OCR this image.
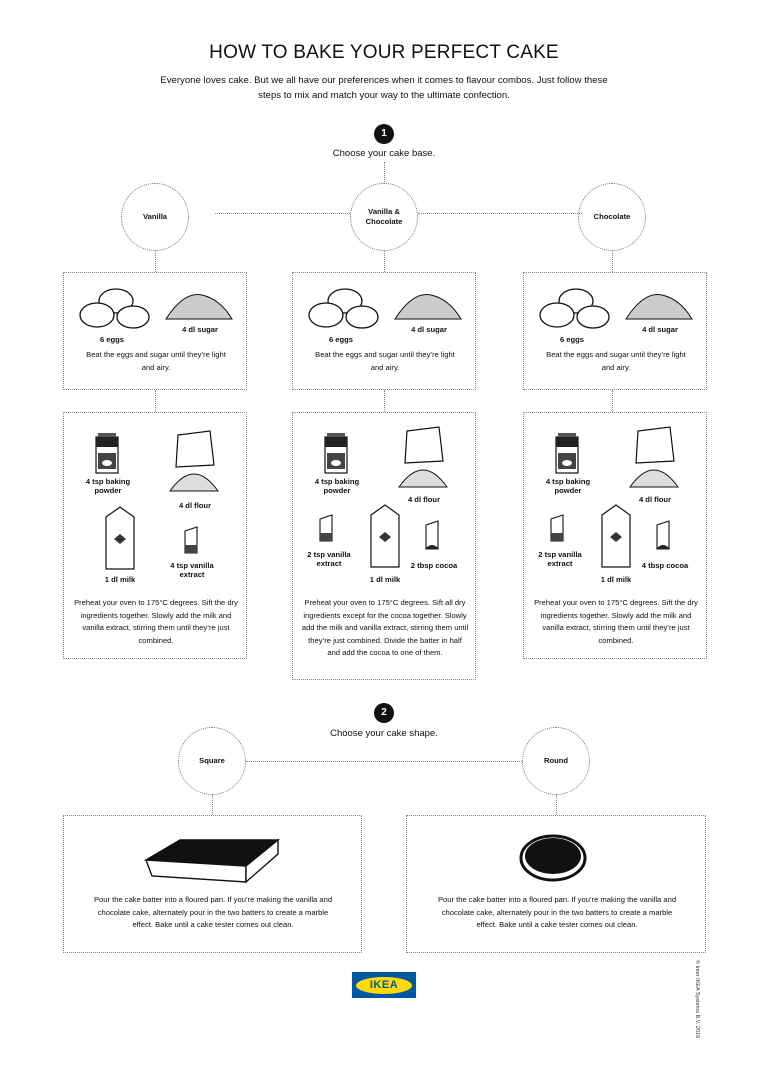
HOW TO BAKE YOUR PERFECT CAKE
Everyone loves cake. But we all have our preferences when it comes to flavour combos. Just follow these steps to mix and match your way to the ultimate confection.
1
Choose your cake base.
Vanilla
Vanilla & Chocolate
Chocolate
6 eggs
4 dl sugar
Beat the eggs and sugar until they’re light and airy.
6 eggs
4 dl sugar
Beat the eggs and sugar until they’re light and airy.
6 eggs
4 dl sugar
Beat the eggs and sugar until they’re light and airy.
4 tsp baking powder
4 dl flour
1 dl milk
4 tsp vanilla extract
Preheat your oven to 175°C degrees. Sift the dry ingredients together. Slowly add the milk and vanilla extract, stirring them until they’re just combined.
4 tsp baking powder
4 dl flour
2 tsp vanilla extract
1 dl milk
2 tbsp cocoa
Preheat your oven to 175°C degrees. Sift all dry ingredients except for the cocoa together. Slowly add the milk and vanilla extract, stirring them until they’re just combined. Divide the batter in half and add the cocoa to one of them.
4 tsp baking powder
4 dl flour
2 tsp vanilla extract
1 dl milk
4 tbsp cocoa
Preheat your oven to 175°C degrees. Sift the dry ingredients together. Slowly add the milk and vanilla extract, stirring them until they’re just combined.
2
Choose your cake shape.
Square	Round
Pour the cake batter into a floured pan. If you’re making the vanilla and chocolate cake, alternately pour in the two batters to create a marble effect. Bake until a cake tester comes out clean.
Pour the cake batter into a floured pan. If you’re making the vanilla and chocolate cake, alternately pour in the two batters to create a marble effect. Bake until a cake tester comes out clean.
IKEA	© Inter IKEA Systems B.V. 2016
